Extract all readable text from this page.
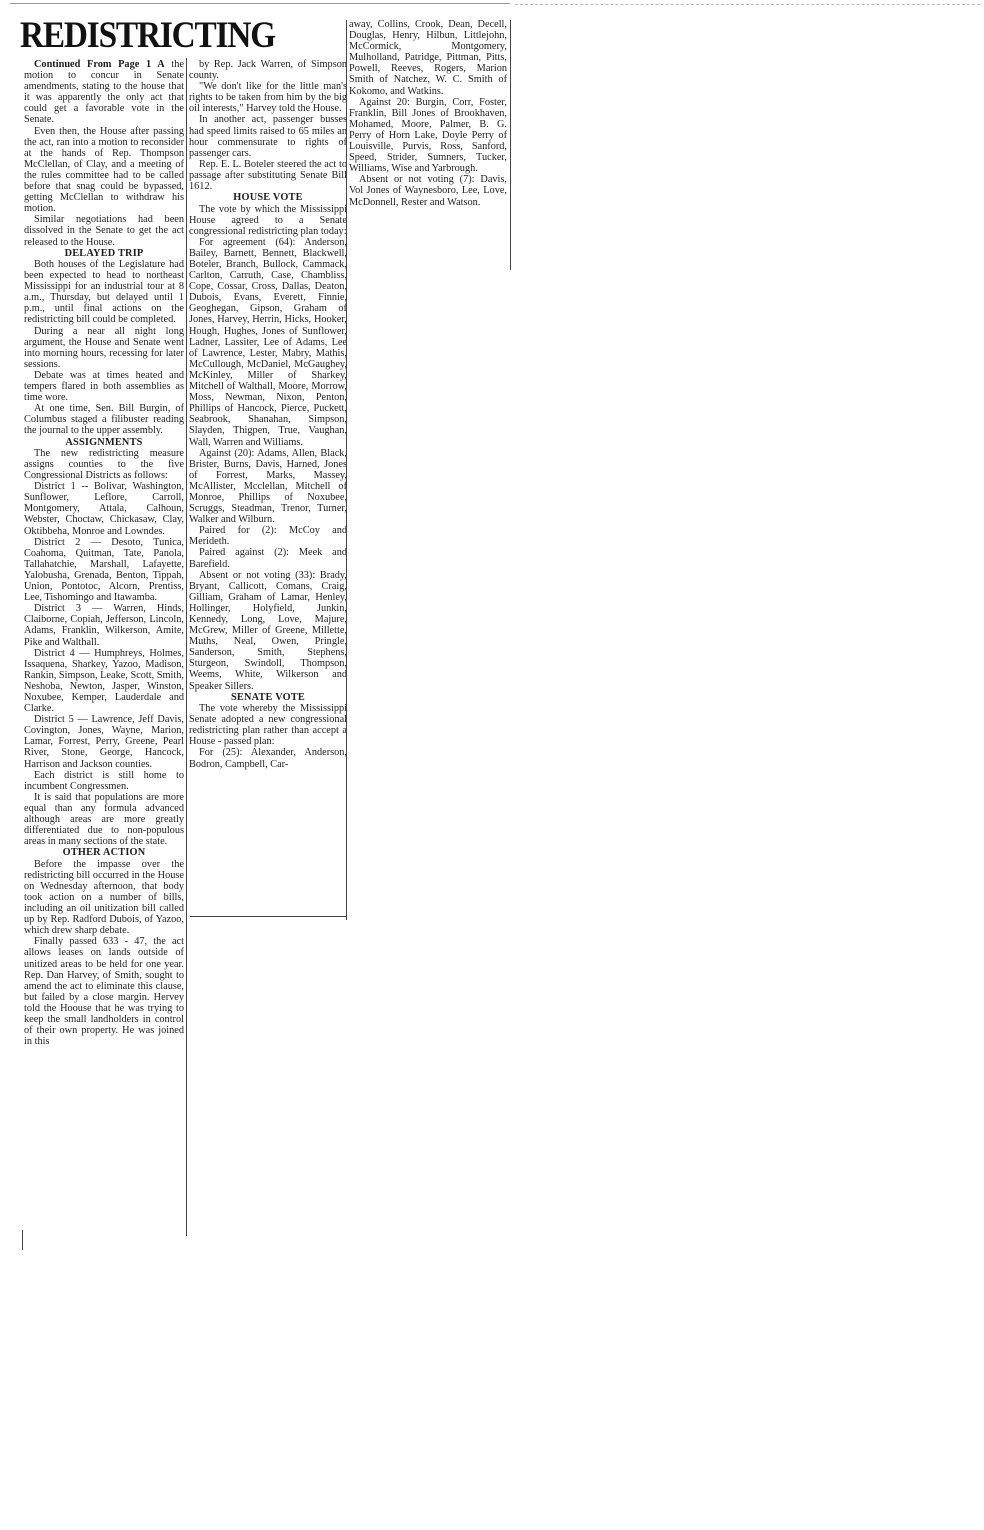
REDISTRICTING

Continued From Page 1 A the motion to concur in Senate amendments, stating to the house that it was apparently the only act that could get a favorable vote in the Senate.

Even then, the House after passing the act, ran into a motion to reconsider at the hands of Rep. Thompson McClellan, of Clay, and a meeting of the rules committee had to be called before that snag could be bypassed, getting McClellan to withdraw his motion.

Similar negotiations had been dissolved in the Senate to get the act released to the House.

DELAYED TRIP

Both houses of the Legislature had been expected to head to northeast Mississippi for an industrial tour at 8 a.m., Thursday, but delayed until 1 p.m., until final actions on the redistricting bill could be completed.

During a near all night long argument, the House and Senate went into morning hours, recessing for later sessions.

Debate was at times heated and tempers flared in both assemblies as time wore.

At one time, Sen. Bill Burgin, of Columbus staged a filibuster reading the journal to the upper assembly.

ASSIGNMENTS

The new redistricting measure assigns counties to the five Congressional Districts as follows:

District 1 -- Bolivar, Washington, Sunflower, Leflore, Carroll, Montgomery, Attala, Calhoun, Webster, Choctaw, Chickasaw, Clay, Oktibbeha, Monroe and Lowndes.

District 2 — Desoto, Tunica, Coahoma, Quitman, Tate, Panola, Tallahatchie, Marshall, Lafayette, Yalobusha, Grenada, Benton, Tippah, Union, Pontotoc, Alcorn, Prentiss, Lee, Tishomingo and Itawamba.

District 3 — Warren, Hinds, Claiborne, Copiah, Jefferson, Lincoln, Adams, Franklin, Wilkerson, Amite, Pike and Walthall.

District 4 — Humphreys, Holmes, Issaquena, Sharkey, Yazoo, Madison, Rankin, Simpson, Leake, Scott, Smith, Neshoba, Newton, Jasper, Winston, Noxubee, Kemper, Lauderdale and Clarke.

District 5 — Lawrence, Jeff Davis, Covington, Jones, Wayne, Marion, Lamar, Forrest, Perry, Greene, Pearl River, Stone, George, Hancock, Harrison and Jackson counties.

Each district is still home to incumbent Congressmen.

It is said that populations are more equal than any formula advanced although areas are more greatly differentiated due to non-populous areas in many sections of the state.

OTHER ACTION

Before the impasse over the redistricting bill occurred in the House on Wednesday afternoon, that body took action on a number of bills, including an oil unitization bill called up by Rep. Radford Dubois, of Yazoo, which drew sharp debate.

Finally passed 633 - 47, the act allows leases on lands outside of unitized areas to be held for one year. Rep. Dan Harvey, of Smith, sought to amend the act to eliminate this clause, but failed by a close margin. Hervey told the Hoouse that he was trying to keep the small landholders in control of their own property. He was joined in this

by Rep. Jack Warren, of Simpson county.

"We don't like for the little man's rights to be taken from him by the big oil interests," Harvey told the House.

In another act, passenger busses had speed limits raised to 65 miles an hour commensurate to rights of passenger cars.

Rep. E. L. Boteler steered the act to passage after substituting Senate Bill 1612.

HOUSE VOTE

The vote by which the Mississippi House agreed to a Senate congressional redistricting plan today:

For agreement (64): Anderson, Bailey, Barnett, Bennett, Blackwell, Boteler, Branch, Bullock, Cammack, Carlton, Carruth, Case, Chambliss, Cope, Cossar, Cross, Dallas, Deaton, Dubois, Evans, Everett, Finnie, Geoghegan, Gipson, Graham of Jones, Harvey, Herrin, Hicks, Hooker, Hough, Hughes, Jones of Sunflower, Ladner, Lassiter, Lee of Adams, Lee of Lawrence, Lester, Mabry, Mathis, McCullough, McDaniel, McGaughey, McKinley, Miller of Sharkey, Mitchell of Walthall, Moore, Morrow, Moss, Newman, Nixon, Penton, Phillips of Hancock, Pierce, Puckett, Seabrook, Shanahan, Simpson, Slayden, Thigpen, True, Vaughan, Wall, Warren and Williams.

Against (20): Adams, Allen, Black, Brister, Burns, Davis, Harned, Jones of Forrest, Marks, Massey, McAllister, Mcclellan, Mitchell of Monroe, Phillips of Noxubee, Scruggs, Steadman, Trenor, Turner, Walker and Wilburn.

Paired for (2): McCoy and Merideth.

Paired against (2): Meek and Barefield.

Absent or not voting (33): Brady, Bryant, Callicott, Comans, Craig, Gilliam, Graham of Lamar, Henley, Hollinger, Holyfield, Junkin, Kennedy, Long, Love, Majure, McGrew, Miller of Greene, Millette, Muths, Neal, Owen, Pringle, Sanderson, Smith, Stephens, Sturgeon, Swindoll, Thompson, Weems, White, Wilkerson and Speaker Sillers.

SENATE VOTE

The vote whereby the Mississippi Senate adopted a new congressional redistricting plan rather than accept a House - passed plan:

For (25): Alexander, Anderson, Bodron, Campbell, Car-

away, Collins, Crook, Dean, Decell, Douglas, Henry, Hilbun, Littlejohn, McCormick, Montgomery, Mulholland, Patridge, Pittman, Pitts, Powell, Reeves, Rogers, Marion Smith of Natchez, W. C. Smith of Kokomo, and Watkins.

Against 20: Burgin, Corr, Foster, Franklin, Bill Jones of Brookhaven, Mohamed, Moore, Palmer, B. G. Perry of Horn Lake, Doyle Perry of Louisville, Purvis, Ross, Sanford, Speed, Strider, Sumners, Tucker, Williams, Wise and Yarbrough.

Absent or not voting (7): Davis, Vol Jones of Waynesboro, Lee, Love, McDonnell, Rester and Watson.
